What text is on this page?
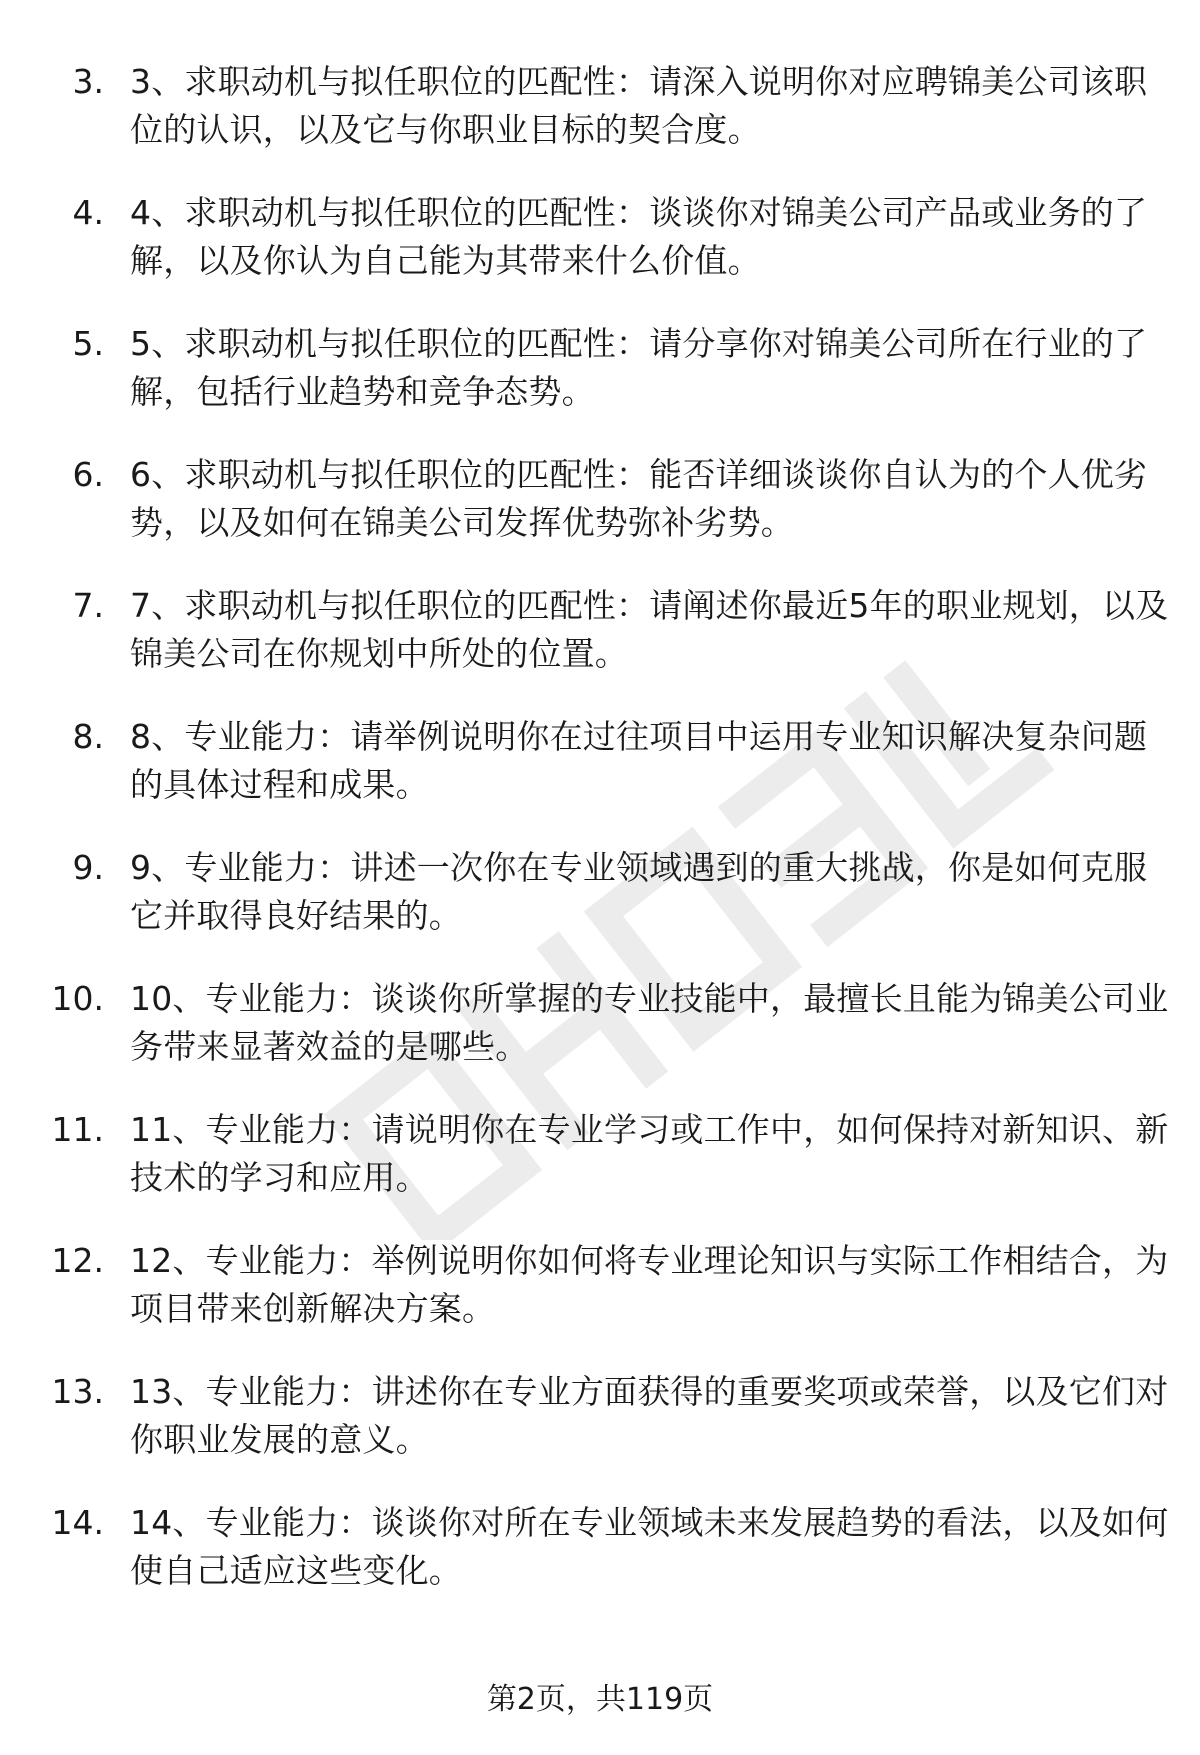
3. 3、求职动机与拟任职位的匹配性：请深入说明你对应聘锦美公司该职位的认识，以及它与你职业目标的契合度。
4. 4、求职动机与拟任职位的匹配性：谈谈你对锦美公司产品或业务的了解，以及你认为自己能为其带来什么价值。
5. 5、求职动机与拟任职位的匹配性：请分享你对锦美公司所在行业的了解，包括行业趋势和竞争态势。
6. 6、求职动机与拟任职位的匹配性：能否详细谈谈你自认为的个人优劣势，以及如何在锦美公司发挥优势弥补劣势。
7. 7、求职动机与拟任职位的匹配性：请阐述你最近5年的职业规划，以及锦美公司在你规划中所处的位置。
8. 8、专业能力：请举例说明你在过往项目中运用专业知识解决复杂问题的具体过程和成果。
9. 9、专业能力：讲述一次你在专业领域遇到的重大挑战，你是如何克服它并取得良好结果的。
10. 10、专业能力：谈谈你所掌握的专业技能中，最擅长且能为锦美公司业务带来显著效益的是哪些。
11. 11、专业能力：请说明你在专业学习或工作中，如何保持对新知识、新技术的学习和应用。
12. 12、专业能力：举例说明你如何将专业理论知识与实际工作相结合，为项目带来创新解决方案。
13. 13、专业能力：讲述你在专业方面获得的重要奖项或荣誉，以及它们对你职业发展的意义。
14. 14、专业能力：谈谈你对所在专业领域未来发展趋势的看法，以及如何使自己适应这些变化。
第2页，共119页
